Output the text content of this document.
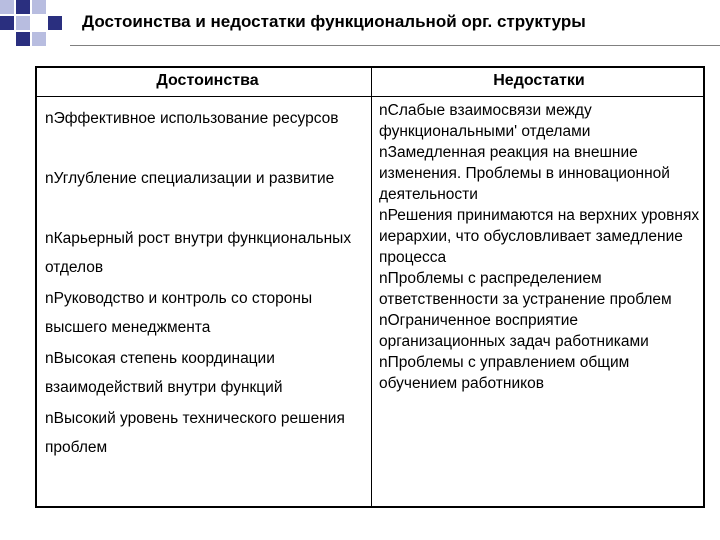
Достоинства и недостатки функциональной орг. структуры
Достоинства	Недостатки
nЭффективное использование ресурсов
nУглубление специализации и развитие
nКарьерный рост внутри функциональных отделов
nРуководство и контроль со стороны высшего менеджмента
nВысокая степень координации взаимодействий внутри функций
nВысокий уровень технического решения проблем
nСлабые взаимосвязи между функциональными' отделами
nЗамедленная реакция на внешние изменения. Проблемы в инновационной деятельности
nРешения принимаются на верхних уровнях иерархии, что обусловливает замедление процесса
nПроблемы с распределением ответственности за устранение проблем
nОграниченное восприятие организационных задач работниками
nПроблемы с управлением общим обучением работников
